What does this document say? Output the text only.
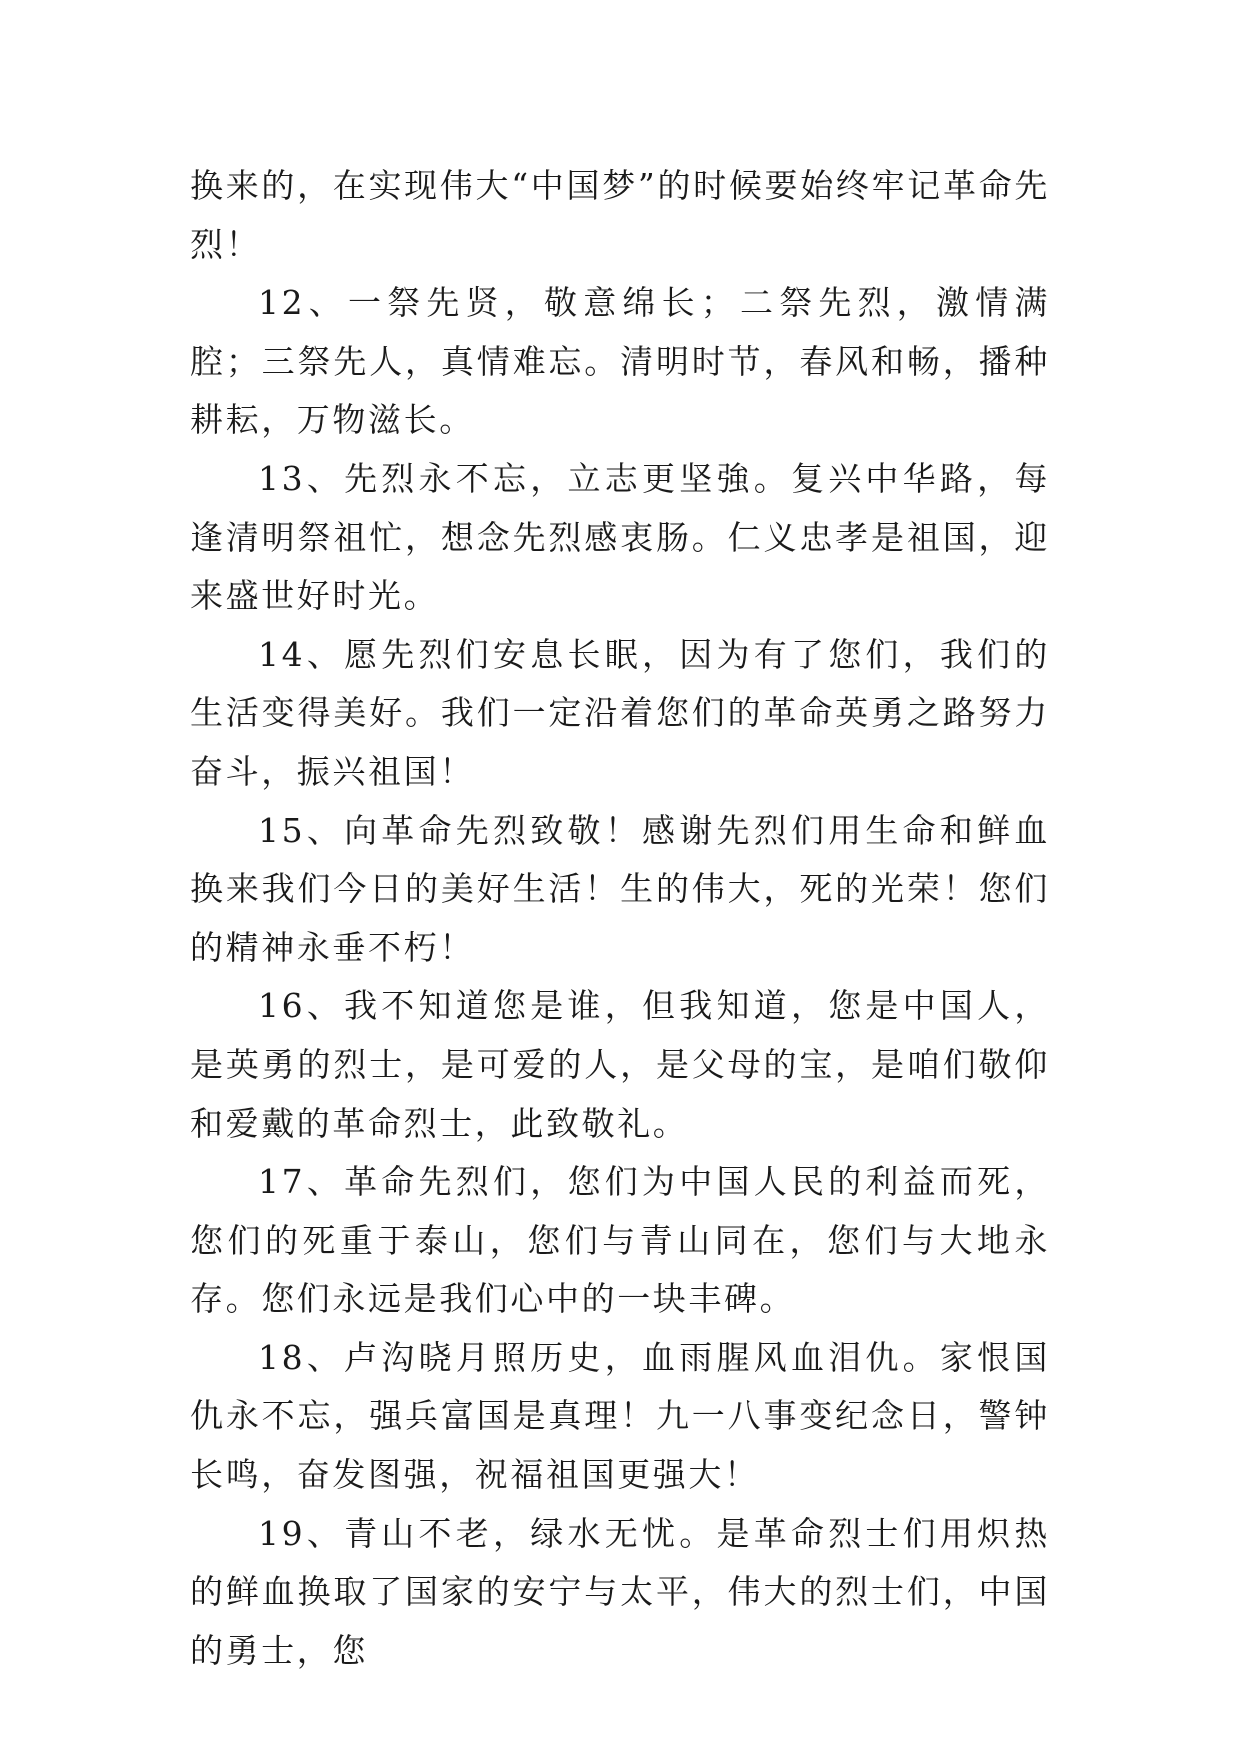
换来的，在实现伟大“中国梦”的时候要始终牢记革命先烈！

12、一祭先贤，敬意绵长；二祭先烈，激情满腔；三祭先人，真情难忘。清明时节，春风和畅，播种耕耘，万物滋长。

13、先烈永不忘，立志更坚強。复兴中华路，每逢清明祭祖忙，想念先烈感衷肠。仁义忠孝是祖国，迎来盛世好时光。

14、愿先烈们安息长眠，因为有了您们，我们的生活变得美好。我们一定沿着您们的革命英勇之路努力奋斗，振兴祖国！

15、向革命先烈致敬！感谢先烈们用生命和鲜血换来我们今日的美好生活！生的伟大，死的光荣！您们的精神永垂不朽！

16、我不知道您是谁，但我知道，您是中国人，是英勇的烈士，是可爱的人，是父母的宝，是咱们敬仰和爱戴的革命烈士，此致敬礼。

17、革命先烈们，您们为中国人民的利益而死，您们的死重于泰山，您们与青山同在，您们与大地永存。您们永远是我们心中的一块丰碑。

18、卢沟晓月照历史，血雨腥风血泪仇。家恨国仇永不忘，强兵富国是真理！九一八事变纪念日，警钟长鸣，奋发图强，祝福祖国更强大！

19、青山不老，绿水无忧。是革命烈士们用炽热的鲜血换取了国家的安宁与太平，伟大的烈士们，中国的勇士，您
